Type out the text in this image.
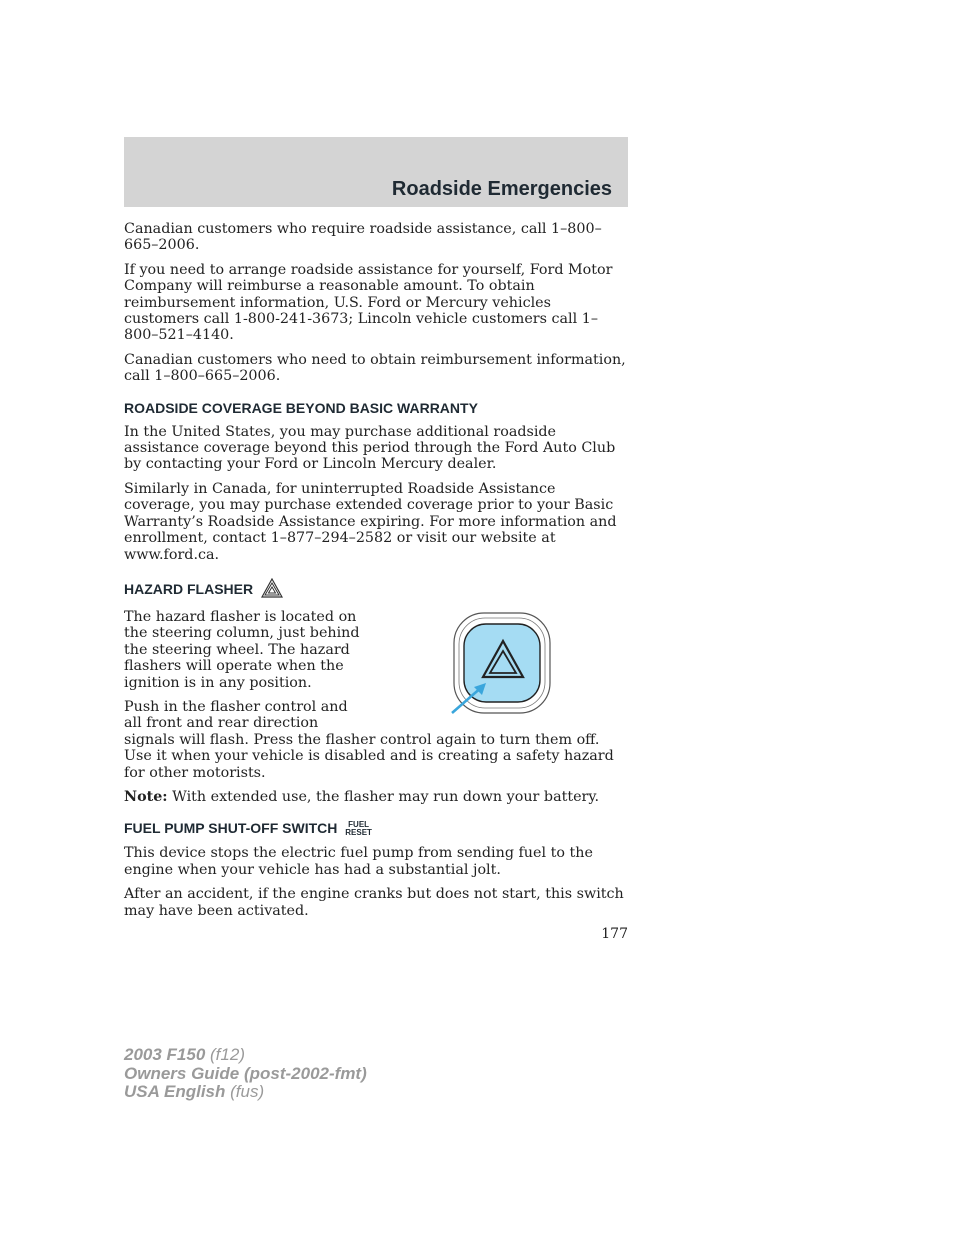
Roadside Emergencies

Canadian customers who require roadside assistance, call 1–800–665–2006.

If you need to arrange roadside assistance for yourself, Ford Motor Company will reimburse a reasonable amount. To obtain reimbursement information, U.S. Ford or Mercury vehicles customers call 1-800-241-3673; Lincoln vehicle customers call 1–800–521–4140.

Canadian customers who need to obtain reimbursement information, call 1–800–665–2006.

ROADSIDE COVERAGE BEYOND BASIC WARRANTY

In the United States, you may purchase additional roadside assistance coverage beyond this period through the Ford Auto Club by contacting your Ford or Lincoln Mercury dealer.

Similarly in Canada, for uninterrupted Roadside Assistance coverage, you may purchase extended coverage prior to your Basic Warranty’s Roadside Assistance expiring. For more information and enrollment, contact 1–877–294–2582 or visit our website at www.ford.ca.

HAZARD FLASHER

The hazard flasher is located on the steering column, just behind the steering wheel. The hazard flashers will operate when the ignition is in any position.

Push in the flasher control and all front and rear direction signals will flash. Press the flasher control again to turn them off. Use it when your vehicle is disabled and is creating a safety hazard for other motorists.

Note: With extended use, the flasher may run down your battery.

FUEL PUMP SHUT-OFF SWITCH	FUEL
RESET

This device stops the electric fuel pump from sending fuel to the engine when your vehicle has had a substantial jolt.

After an accident, if the engine cranks but does not start, this switch may have been activated.

177
2003 F150 (f12)
Owners Guide (post-2002-fmt)
USA English (fus)
